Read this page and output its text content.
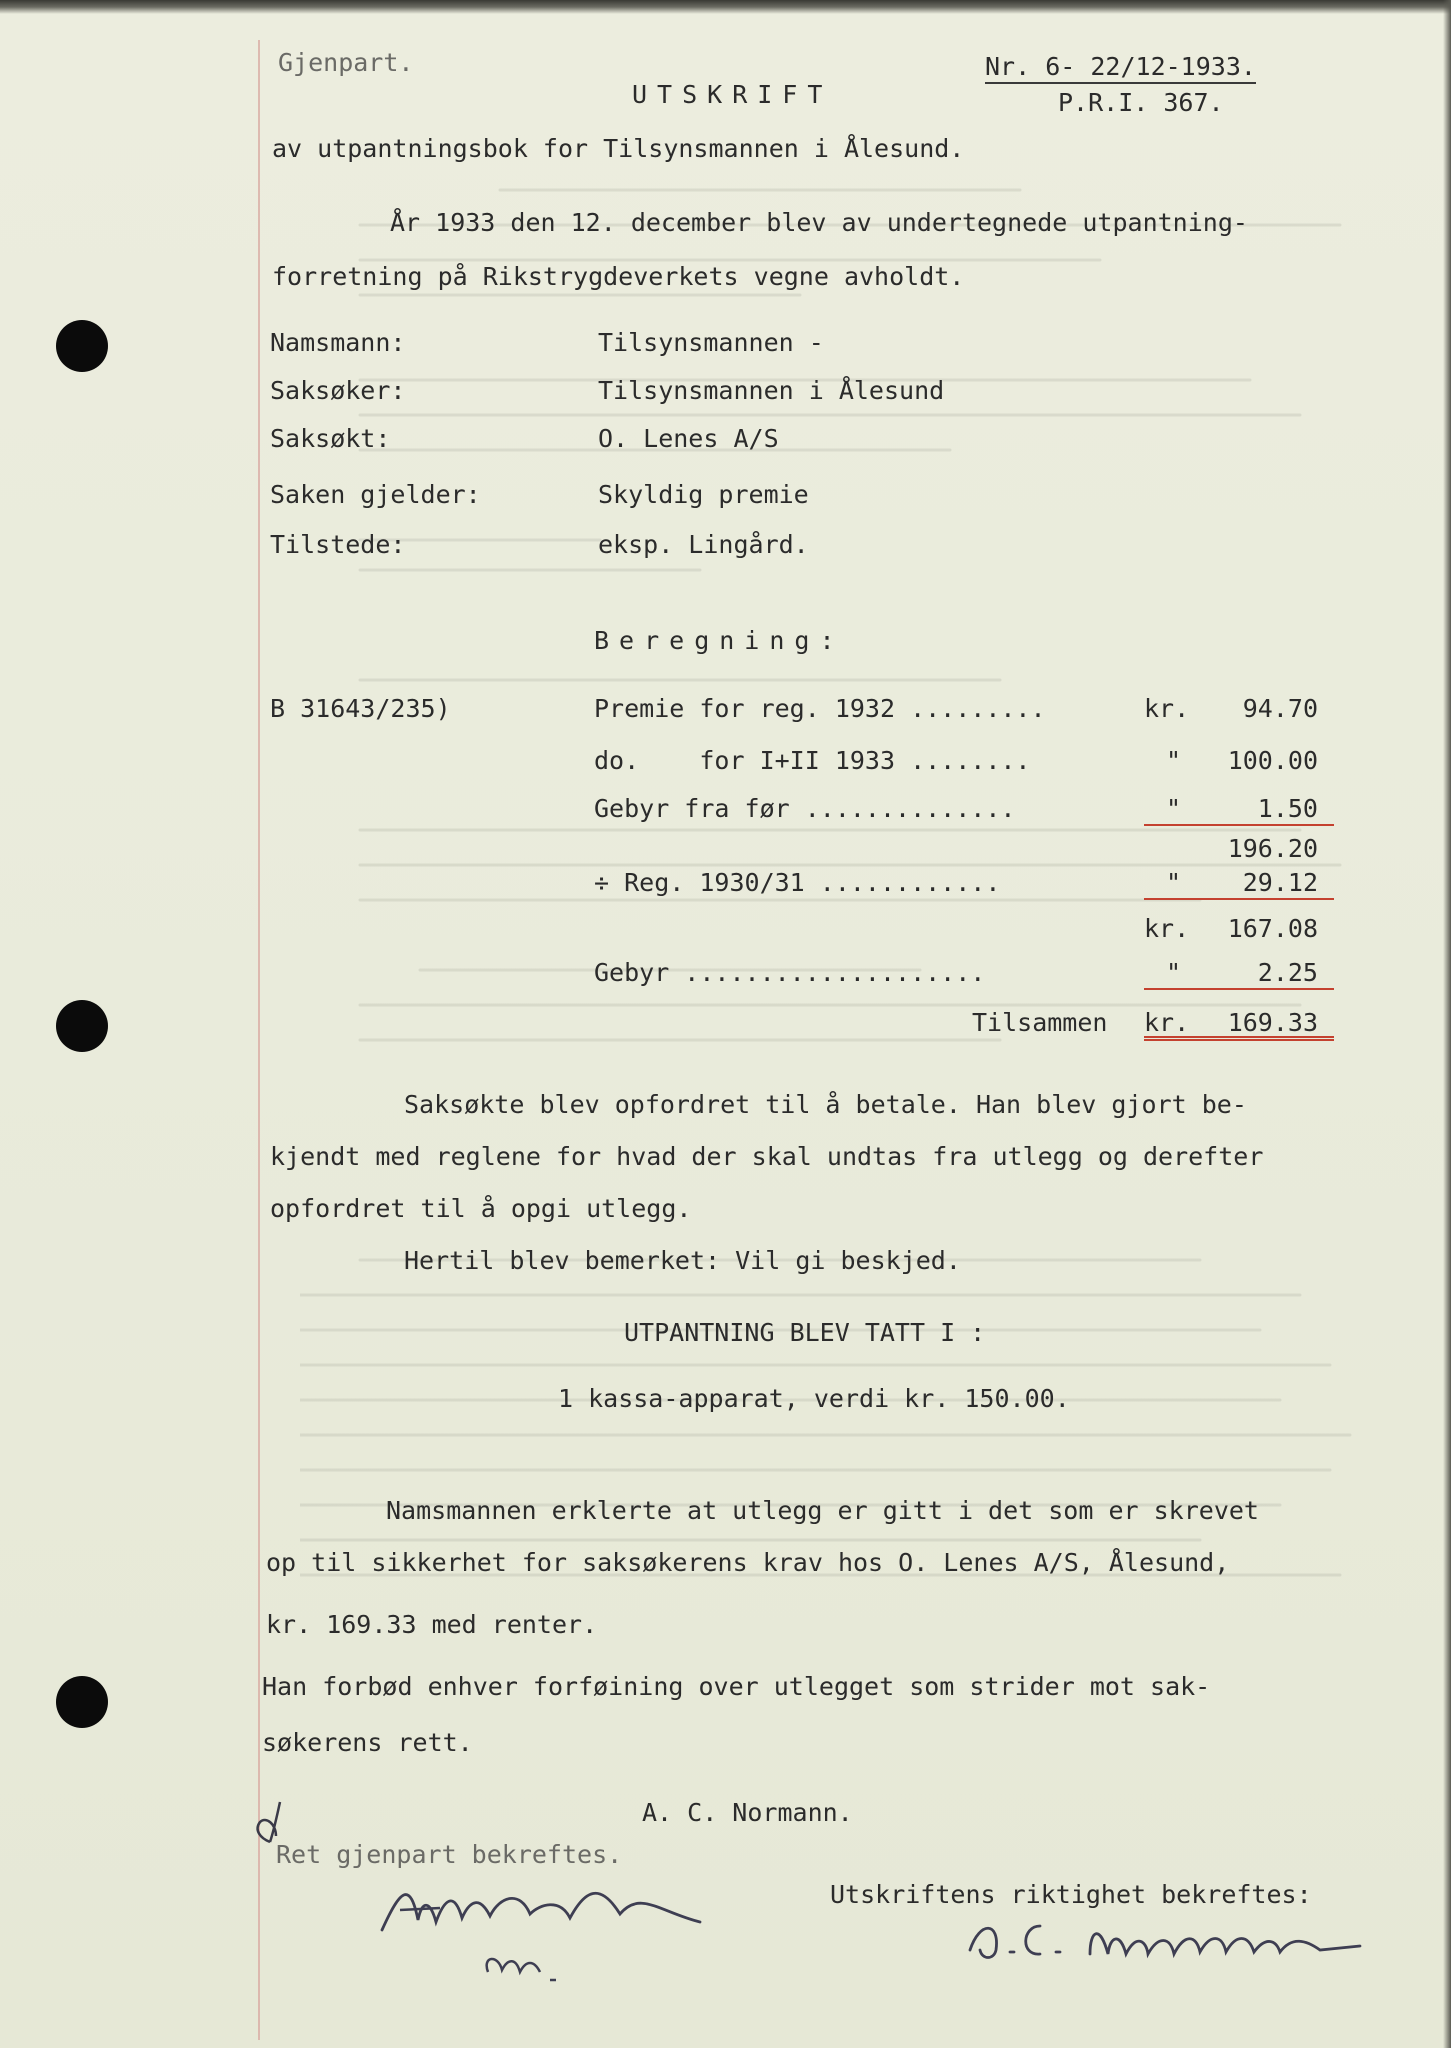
Gjenpart.
UTSKRIFT
Nr. 6- 22/12-1933.
P.R.I. 367.
av utpantningsbok for Tilsynsmannen i Ålesund.
År 1933 den 12. december blev av undertegnede utpantning-
forretning på Rikstrygdeverkets vegne avholdt.
Namsmann:	Tilsynsmannen -
Saksøker:	Tilsynsmannen i Ålesund
Saksøkt:	O. Lenes A/S
Saken gjelder:	Skyldig premie
Tilstede:	eksp. Lingård.
Beregning:
B 31643/235)	Premie for reg. 1932 .........	kr.	94.70
do.    for I+II 1933 ........	"	100.00
Gebyr fra før ..............	"	1.50
196.20
÷ Reg. 1930/31 ............	"	29.12
kr.	167.08
Gebyr ....................	"	2.25
Tilsammen kr.	169.33
Saksøkte blev opfordret til å betale. Han blev gjort be-
kjendt med reglene for hvad der skal undtas fra utlegg og derefter
opfordret til å opgi utlegg.
Hertil blev bemerket: Vil gi beskjed.
UTPANTNING BLEV TATT I :
1 kassa-apparat, verdi kr. 150.00.
Namsmannen erklerte at utlegg er gitt i det som er skrevet
op til sikkerhet for saksøkerens krav hos O. Lenes A/S, Ålesund,
kr. 169.33 med renter.
Han forbød enhver forføining over utlegget som strider mot sak-
søkerens rett.
A. C. Normann.
Ret gjenpart bekreftes.
Utskriftens riktighet bekreftes:
